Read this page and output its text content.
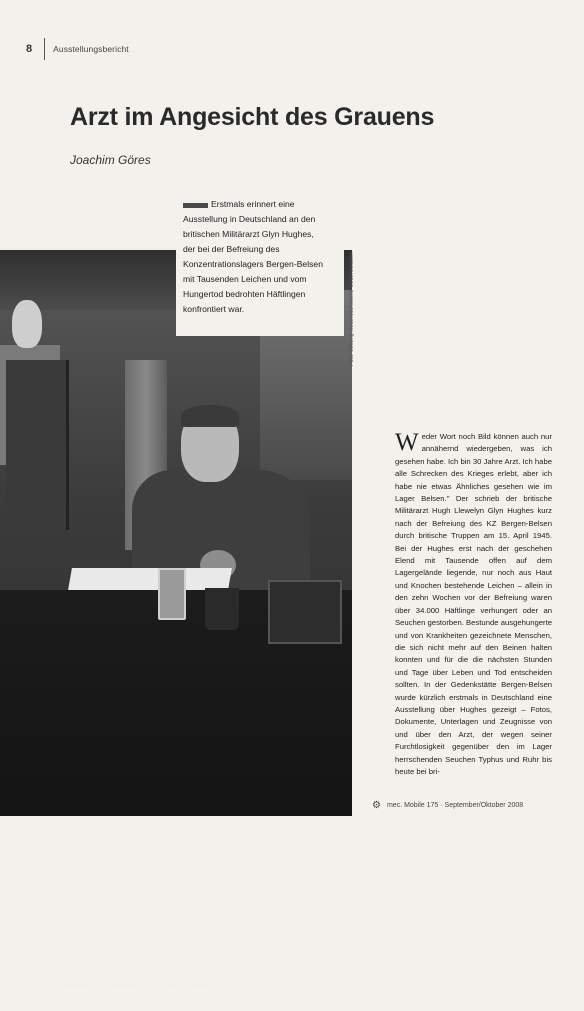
8 Ausstellungsbericht
Arzt im Angesicht des Grauens
Joachim Göres
Der Kommandeur der Hilfsmaßnahmen im befreiten KZ Bergen-Belsen Glyn Hughes in seinem Wohnwagen, aufgenommen zwischen dem 22. Mai und 2. Juni 1945.
Erstmals erinnert eine Ausstellung in Deutschland an den britischen Militärarzt Glyn Hughes, der bei der Befreiung des Konzentrationslagers Bergen-Belsen mit Tausenden Leichen und vom Hungertod bedrohten Häftlingen konfrontiert war.	Foto: Stiftung niedersächsische Gedenkstätten

Weder Wort noch Bild können auch nur annähernd wiedergeben, was ich gesehen habe. Ich bin 30 Jahre Arzt. Ich habe alle Schrecken des Krieges erlebt, aber ich habe nie etwas Ähnliches gesehen wie im Lager Belsen." Der schrieb der britische Militärarzt Hugh Llewelyn Glyn Hughes kurz nach der Befreiung des KZ Bergen-Belsen durch britische Truppen am 15. April 1945. Bei der Hughes erst nach der geschehen Elend mit Tausende offen auf dem Lagergelände liegende, nur noch aus Haut und Knochen bestehende Leichen – allein in den zehn Wochen vor der Befreiung waren über 34.000 Häftlinge verhungert oder an Seuchen gestorben. Bestunde ausgehungerte und von Krankheiten gezeichnete Menschen, die sich nicht mehr auf den Beinen halten konnten und für die die nächsten Stunden und Tage über Leben und Tod entscheiden sollten. In der Gedenkstätte Bergen-Belsen wurde kürzlich erstmals in Deutschland eine Ausstellung über Hughes gezeigt – Fotos, Dokumente, Unterlagen und Zeugnisse von und über den Arzt, der wegen seiner Furchtlosigkeit gegenüber den im Lager herrschenden Seuchen Typhus und Ruhr bis heute bei bri-

⚙ mec. Mobile 175 · September/Oktober 2008
